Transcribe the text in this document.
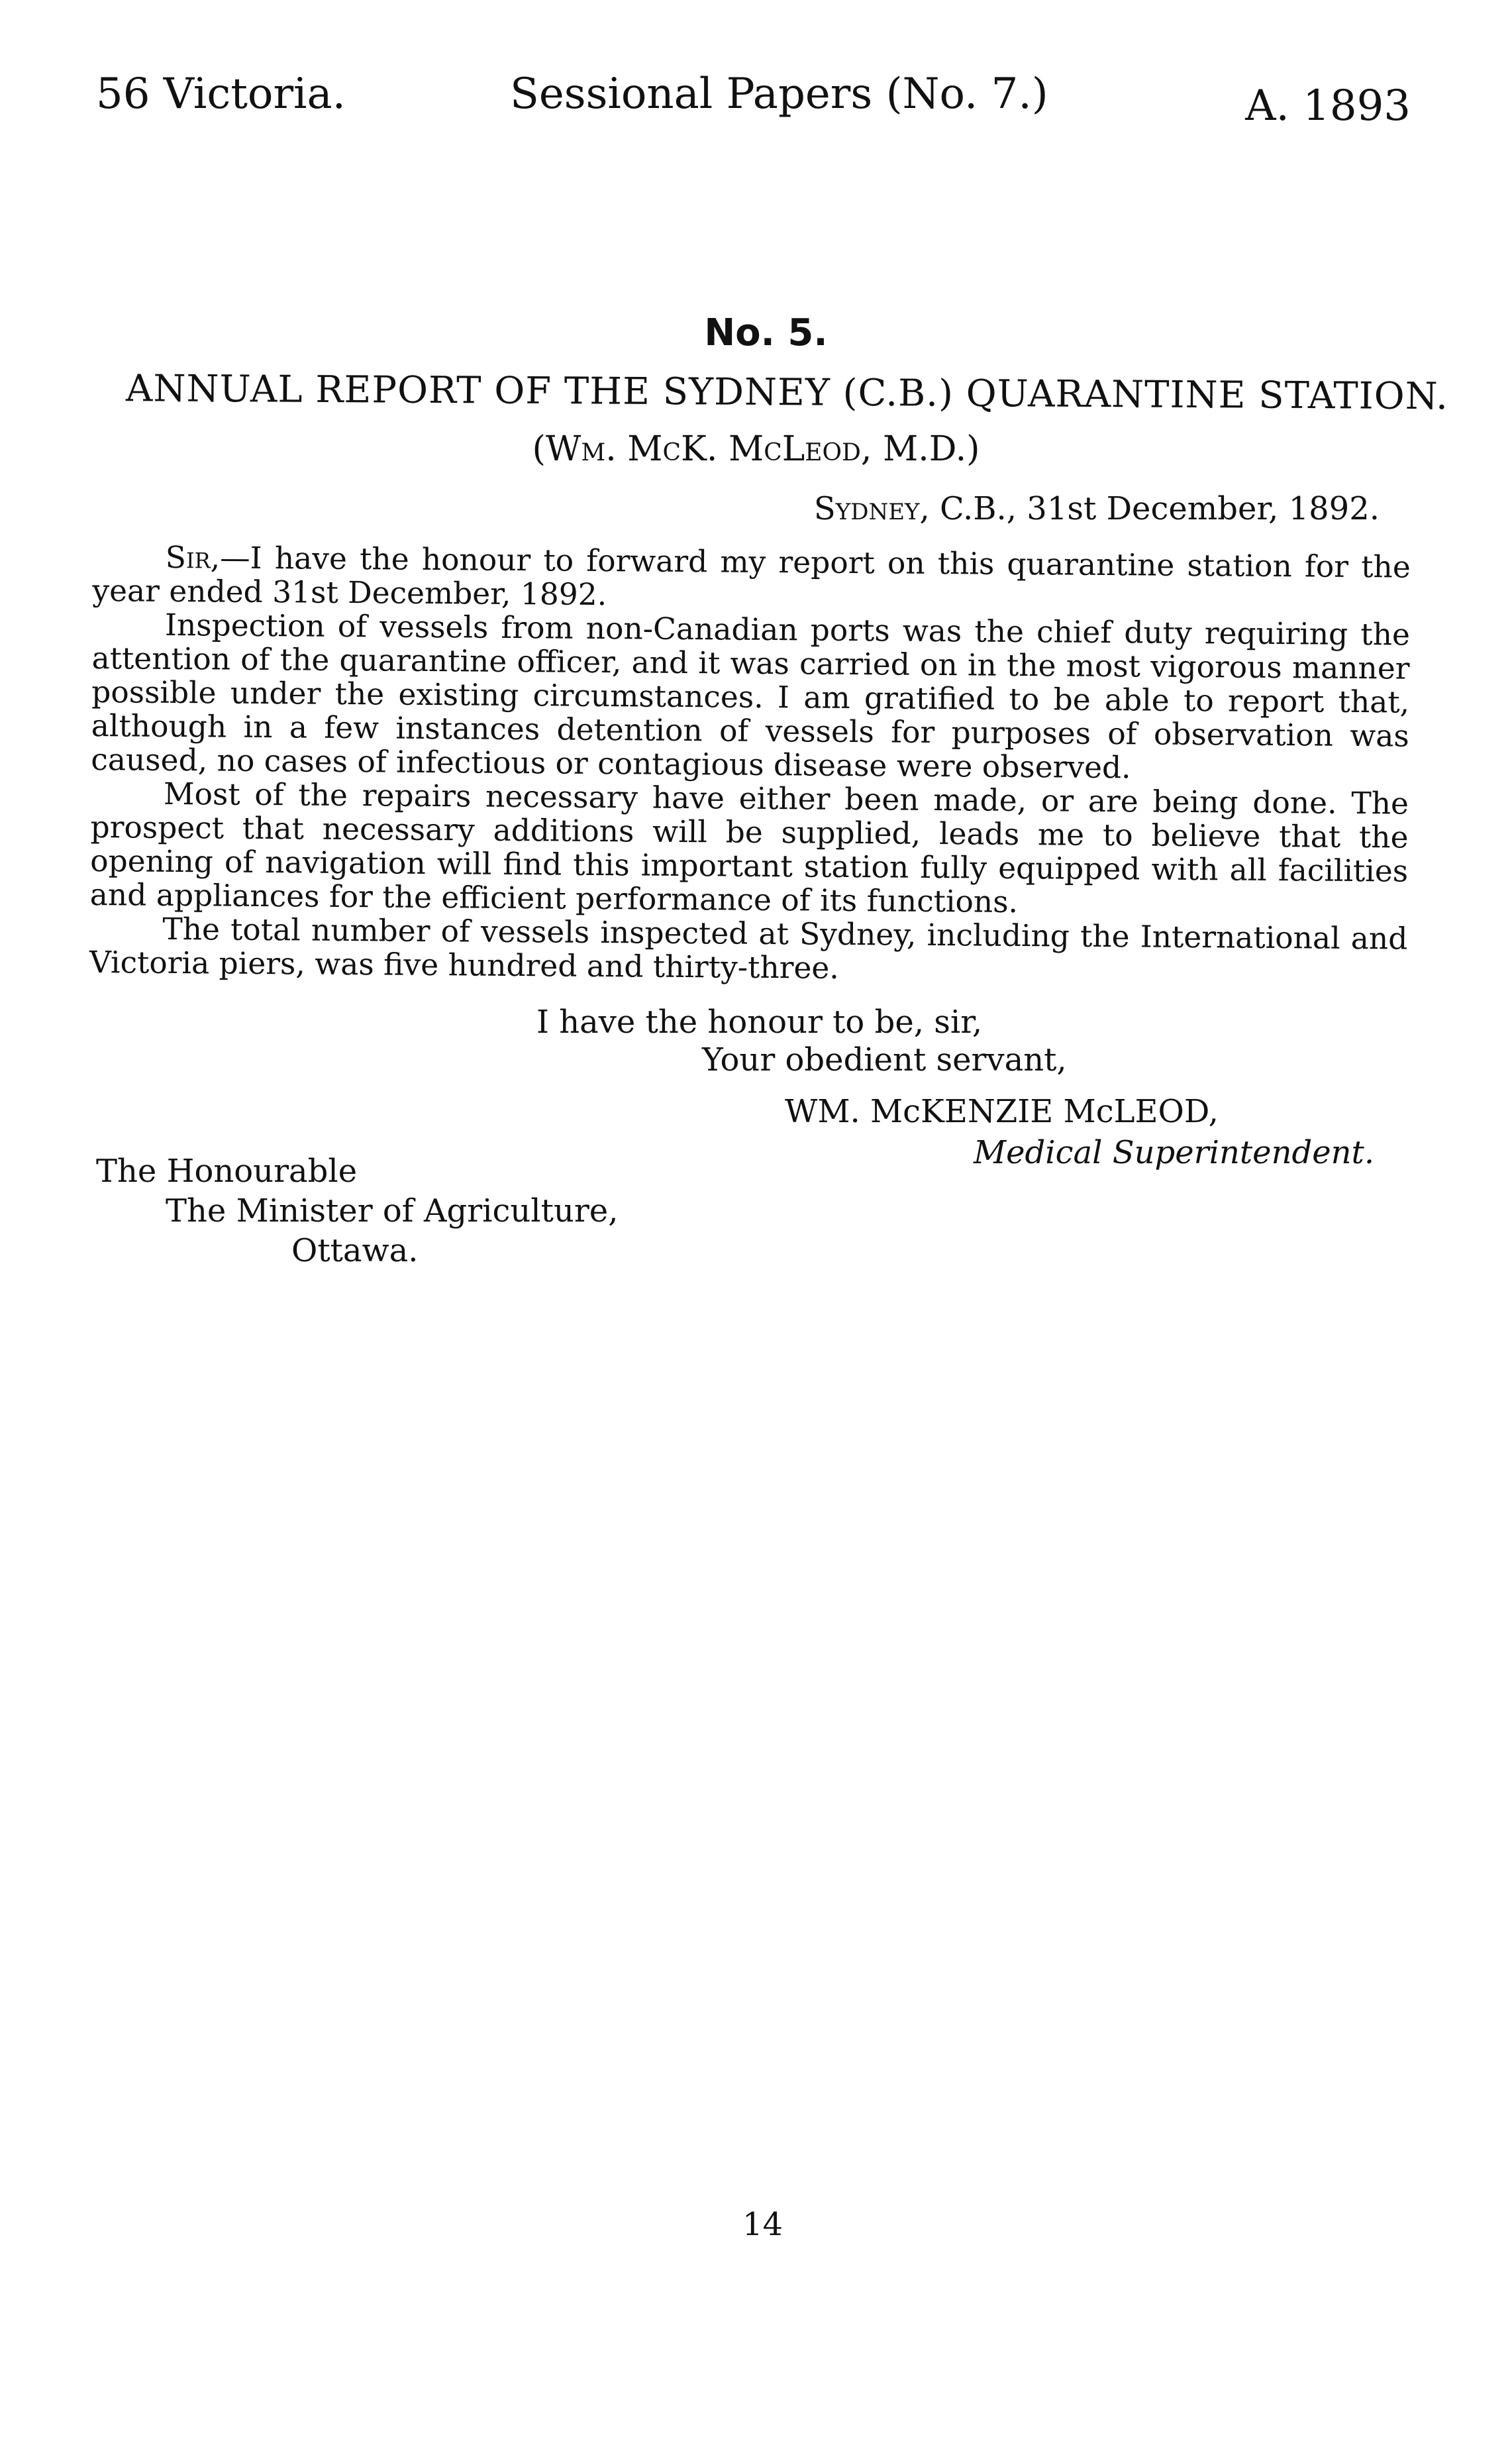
56 Victoria.	Sessional Papers (No. 7.)	A. 1893
No. 5.
ANNUAL REPORT OF THE SYDNEY (C.B.) QUARANTINE STATION.
(Wm. McK. McLeod, M.D.)
Sydney, C.B., 31st December, 1892.

Sir,—I have the honour to forward my report on this quarantine station for the year ended 31st December, 1892.

Inspection of vessels from non-Canadian ports was the chief duty requiring the attention of the quarantine officer, and it was carried on in the most vigorous manner possible under the existing circumstances. I am gratified to be able to report that, although in a few instances detention of vessels for purposes of observation was caused, no cases of infectious or contagious disease were observed.

Most of the repairs necessary have either been made, or are being done. The prospect that necessary additions will be supplied, leads me to believe that the opening of navigation will find this important station fully equipped with all facilities and appliances for the efficient performance of its functions.

The total number of vessels inspected at Sydney, including the International and Victoria piers, was five hundred and thirty-three.

I have the honour to be, sir,
Your obedient servant,
WM. McKENZIE McLEOD,
Medical Superintendent.
The Honourable
The Minister of Agriculture,
Ottawa.
14
